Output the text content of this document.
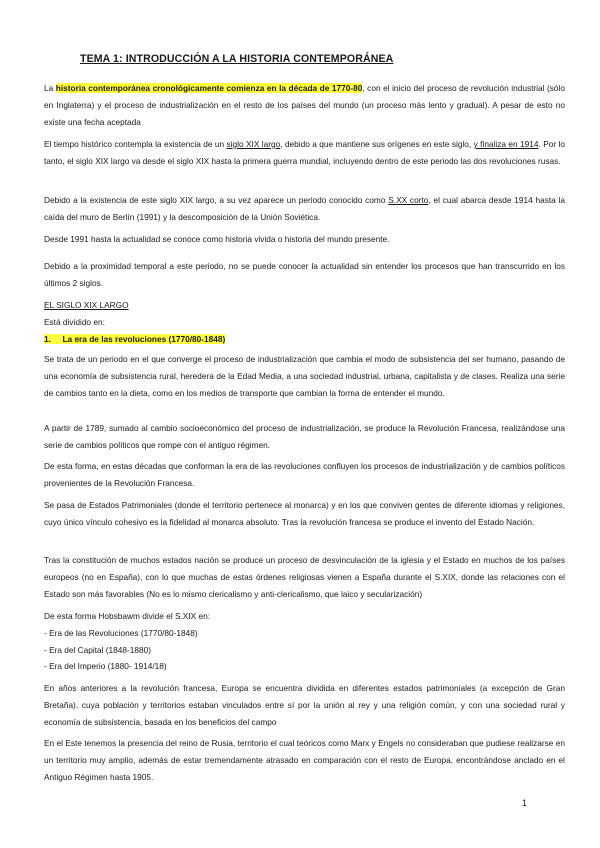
TEMA 1: INTRODUCCIÓN A LA HISTORIA CONTEMPORÁNEA

La historia contemporánea cronológicamente comienza en la década de 1770-80, con el inicio del proceso de revolución industrial (sólo en Inglaterra) y el proceso de industrialización en el resto de los países del mundo (un proceso más lento y gradual). A pesar de esto no existe una fecha aceptada

El tiempo histórico contempla la existencia de un siglo XIX largo, debido a que mantiene sus orígenes en este siglo, y finaliza en 1914. Por lo tanto, el siglo XIX largo va desde el siglo XIX hasta la primera guerra mundial, incluyendo dentro de este periodo las dos revoluciones rusas.

Debido a la existencia de este siglo XIX largo, a su vez aparece un periodo conocido como S.XX corto, el cual abarca desde 1914 hasta la caída del muro de Berlín (1991) y la descomposición de la Unión Soviética.

Desde 1991 hasta la actualidad se conoce como historia vivida o historia del mundo presente.

Debido a la proximidad temporal a este periodo, no se puede conocer la actualidad sin entender los procesos que han transcurrido en los últimos 2 siglos.

EL SIGLO XIX LARGO
Está dividido en:
1. La era de las revoluciones (1770/80-1848)

Se trata de un periodo en el que converge el proceso de industrialización que cambia el modo de subsistencia del ser humano, pasando de una economía de subsistencia rural, heredera de la Edad Media, a una sociedad industrial, urbana, capitalista y de clases. Realiza una serie de cambios tanto en la dieta, como en los medios de transporte que cambian la forma de entender el mundo.

A partir de 1789, sumado al cambio socioeconómico del proceso de industrialización, se produce la Revolución Francesa, realizándose una serie de cambios políticos que rompe con el antiguo régimen.

De esta forma, en estas décadas que conforman la era de las revoluciones confluyen los procesos de industrialización y de cambios políticos provenientes de la Revolución Francesa.

Se pasa de Estados Patrimoniales (donde el territorio pertenece al monarca) y en los que conviven gentes de diferente idiomas y religiones, cuyo único vínculo cohesivo es la fidelidad al monarca absoluto. Tras la revolución francesa se produce el invento del Estado Nación.

Tras la constitución de muchos estados nación se produce un proceso de desvinculación de la iglesia y el Estado en muchos de los países europeos (no en España), con lo que muchas de estas órdenes religiosas vienen a España durante el S.XIX, donde las relaciones con el Estado son más favorables (No es lo mismo clericalismo y anti-clericalismo, que laico y secularización)

De esta forma Hobsbawm divide el S.XIX en:
- Era de las Revoluciones (1770/80-1848)
- Era del Capital (1848-1880)
- Era del Imperio (1880- 1914/18)

En años anteriores a la revolución francesa, Europa se encuentra dividida en diferentes estados patrimoniales (a excepción de Gran Bretaña), cuya población y territorios estaban vinculados entre sí por la unión al rey y una religión común, y con una sociedad rural y economía de subsistencia, basada en los beneficios del campo

En el Este tenemos la presencia del reino de Rusia, territorio el cual teóricos como Marx y Engels no consideraban que pudiese realizarse en un territorio muy amplio, además de estar tremendamente atrasado en comparación con el resto de Europa, encontrándose anclado en el Antiguo Régimen hasta 1905.

1
